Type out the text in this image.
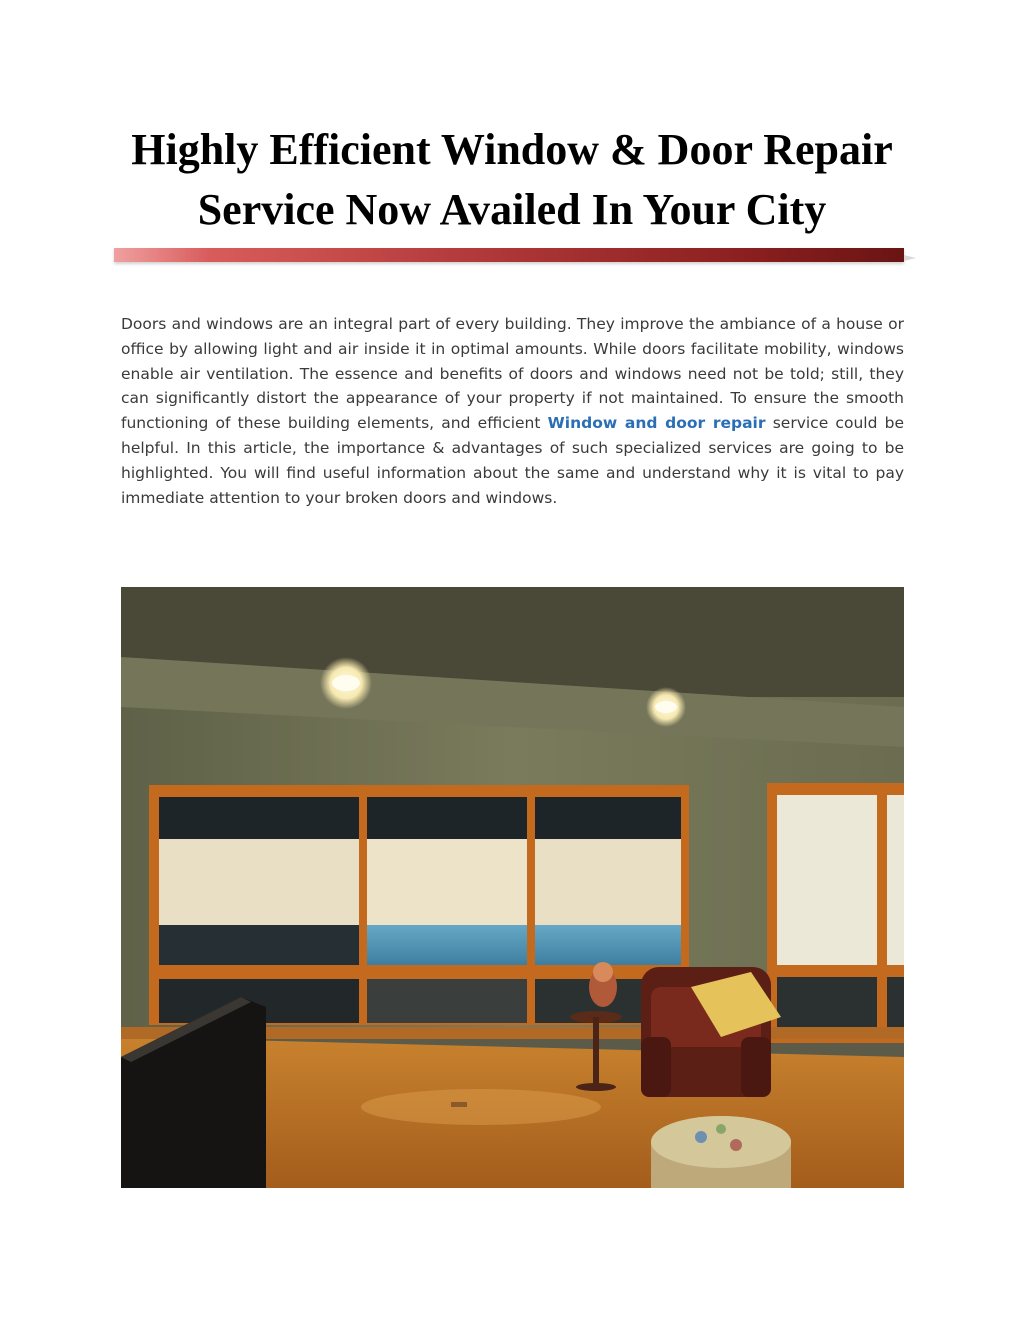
Highly Efficient Window & Door Repair
Service Now Availed In Your City

Doors and windows are an integral part of every building. They improve the ambiance of a house or office by allowing light and air inside it in optimal amounts. While doors facilitate mobility, windows enable air ventilation. The essence and benefits of doors and windows need not be told; still, they can significantly distort the appearance of your property if not maintained. To ensure the smooth functioning of these building elements, and efficient Window and door repair service could be helpful. In this article, the importance & advantages of such specialized services are going to be highlighted. You will find useful information about the same and understand why it is vital to pay immediate attention to your broken doors and windows.
